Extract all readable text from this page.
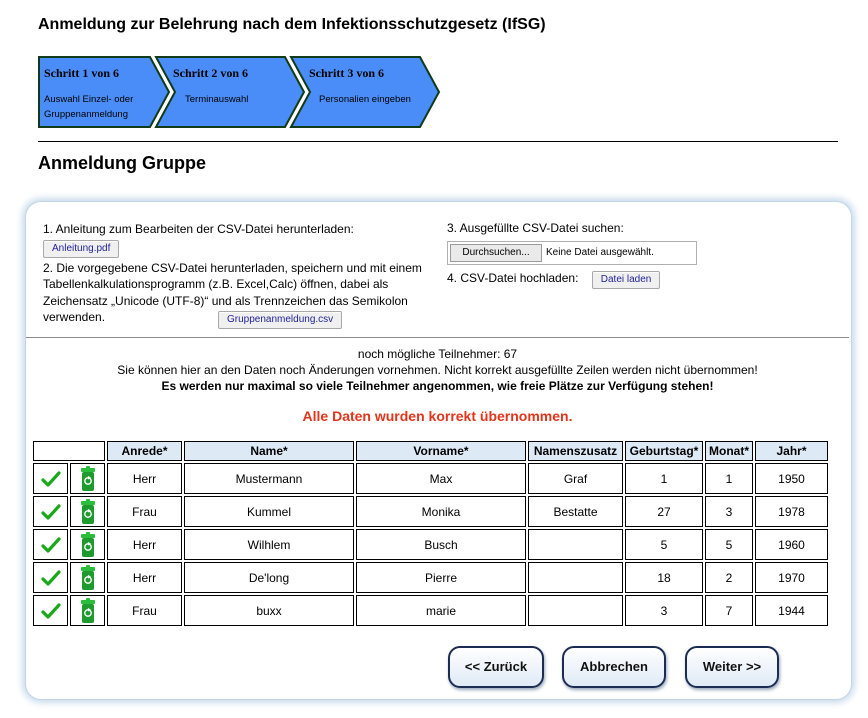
Anmeldung zur Belehrung nach dem Infektionsschutzgesetz (IfSG)
Schritt 1 von 6
Auswahl Einzel- oder Gruppenanmeldung
Schritt 2 von 6
Terminauswahl
Schritt 3 von 6
Personalien eingeben
Anmeldung Gruppe
1. Anleitung zum Bearbeiten der CSV-Datei herunterladen:
Anleitung.pdf
2. Die vorgegebene CSV-Datei herunterladen, speichern und mit einem Tabellenkalkulationsprogramm (z.B. Excel,Calc) öffnen, dabei als Zeichensatz „Unicode (UTF-8)“ und als Trennzeichen das Semikolon verwenden.	Gruppenanmeldung.csv
3. Ausgefüllte CSV-Datei suchen:
Durchsuchen...	Keine Datei ausgewählt.
4. CSV-Datei hochladen: Datei laden
noch mögliche Teilnehmer: 67
Sie können hier an den Daten noch Änderungen vornehmen. Nicht korrekt ausgefüllte Zeilen werden nicht übernommen!
Es werden nur maximal so viele Teilnehmer angenommen, wie freie Plätze zur Verfügung stehen!
Alle Daten wurden korrekt übernommen.
		Anrede*	Name*	Vorname*	Namenszusatz	Geburtstag*	Monat*	Jahr*

	Herr	Mustermann	Max	Graf	1	1	1950

	Frau	Kummel	Monika	Bestatte	27	3	1978

	Herr	Wilhlem	Busch		5	5	1960

	Herr	De'long	Pierre		18	2	1970

	Frau	buxx	marie		3	7	1944
<< Zurück	Abbrechen	Weiter >>
